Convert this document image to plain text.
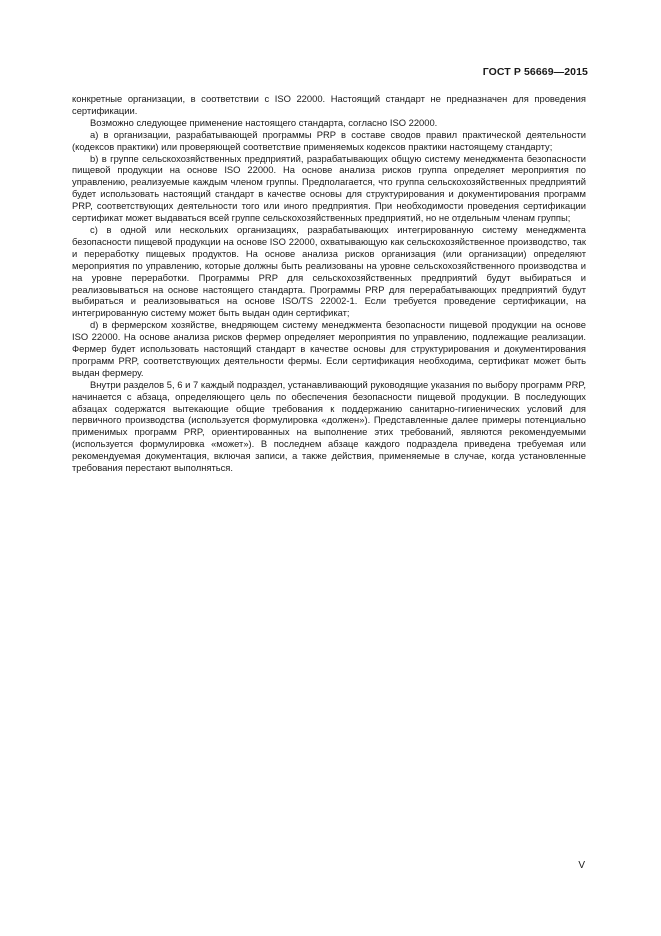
ГОСТ Р 56669—2015

конкретные организации, в соответствии с ISO 22000. Настоящий стандарт не предназначен для проведения сертификации.

Возможно следующее применение настоящего стандарта, согласно ISO 22000.

а) в организации, разрабатывающей программы PRP в составе сводов правил практической деятельности (кодексов практики) или проверяющей соответствие применяемых кодексов практики настоящему стандарту;

b) в группе сельскохозяйственных предприятий, разрабатывающих общую систему менеджмента безопасности пищевой продукции на основе ISO 22000. На основе анализа рисков группа определяет мероприятия по управлению, реализуемые каждым членом группы. Предполагается, что группа сельскохозяйственных предприятий будет использовать настоящий стандарт в качестве основы для структурирования и документирования программ PRP, соответствующих деятельности того или иного предприятия. При необходимости проведения сертификации сертификат может выдаваться всей группе сельскохозяйственных предприятий, но не отдельным членам группы;

с) в одной или нескольких организациях, разрабатывающих интегрированную систему менеджмента безопасности пищевой продукции на основе ISO 22000, охватывающую как сельскохозяйственное производство, так и переработку пищевых продуктов. На основе анализа рисков организация (или организации) определяют мероприятия по управлению, которые должны быть реализованы на уровне сельскохозяйственного производства и на уровне переработки. Программы PRP для сельскохозяйственных предприятий будут выбираться и реализовываться на основе настоящего стандарта. Программы PRP для перерабатывающих предприятий будут выбираться и реализовываться на основе ISO/TS 22002-1. Если требуется проведение сертификации, на интегрированную систему может быть выдан один сертификат;

d) в фермерском хозяйстве, внедряющем систему менеджмента безопасности пищевой продукции на основе ISO 22000. На основе анализа рисков фермер определяет мероприятия по управлению, подлежащие реализации. Фермер будет использовать настоящий стандарт в качестве основы для структурирования и документирования программ PRP, соответствующих деятельности фермы. Если сертификация необходима, сертификат может быть выдан фермеру.

Внутри разделов 5, 6 и 7 каждый подраздел, устанавливающий руководящие указания по выбору программ PRP, начинается с абзаца, определяющего цель по обеспечения безопасности пищевой продукции. В последующих абзацах содержатся вытекающие общие требования к поддержанию санитарно-гигиенических условий для первичного производства (используется формулировка «должен»). Представленные далее примеры потенциально применимых программ PRP, ориентированных на выполнение этих требований, являются рекомендуемыми (используется формулировка «может»). В последнем абзаце каждого подраздела приведена требуемая или рекомендуемая документация, включая записи, а также действия, применяемые в случае, когда установленные требования перестают выполняться.

V
